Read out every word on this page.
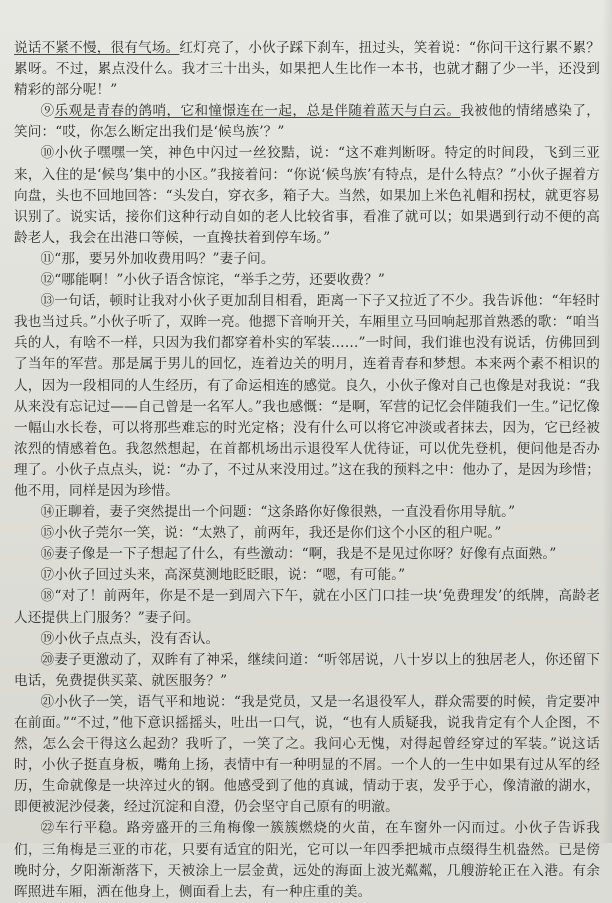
说话不紧不慢，很有气场。红灯亮了，小伙子踩下刹车，扭过头，笑着说：“你问干这行累不累？累呀。不过，累点没什么。我才三十出头，如果把人生比作一本书，也就才翻了少一半，还没到精彩的部分呢！”

⑨乐观是青春的鸽哨，它和憧憬连在一起，总是伴随着蓝天与白云。我被他的情绪感染了，笑问：“哎，你怎么断定出我们是‘候鸟族’？”

⑩小伙子嘿嘿一笑，神色中闪过一丝狡黠，说：“这不难判断呀。特定的时间段，飞到三亚来，入住的是‘候鸟’集中的小区。”我接着问：“你说‘候鸟族’有特点，是什么特点？”小伙子握着方向盘，头也不回地回答：“头发白，穿衣多，箱子大。当然，如果加上米色礼帽和拐杖，就更容易识别了。说实话，接你们这种行动自如的老人比较省事，看准了就可以；如果遇到行动不便的高龄老人，我会在出港口等候，一直搀扶着到停车场。”

⑪“那，要另外加收费用吗？”妻子问。

⑫“哪能啊！”小伙子语含惊诧，“举手之劳，还要收费？”

⑬一句话，顿时让我对小伙子更加刮目相看，距离一下子又拉近了不少。我告诉他：“年轻时我也当过兵。”小伙子听了，双眸一亮。他摁下音响开关，车厢里立马回响起那首熟悉的歌：“咱当兵的人，有啥不一样，只因为我们都穿着朴实的军装……”一时间，我们谁也没有说话，仿佛回到了当年的军营。那是属于男儿的回忆，连着边关的明月，连着青春和梦想。本来两个素不相识的人，因为一段相同的人生经历，有了命运相连的感觉。良久，小伙子像对自己也像是对我说：“我从来没有忘记过——自己曾是一名军人。”我也感慨：“是啊，军营的记忆会伴随我们一生。”记忆像一幅山水长卷，可以将那些难忘的时光定格；没有什么可以将它冲淡或者抹去，因为，它已经被浓烈的情感着色。我忽然想起，在首都机场出示退役军人优待证，可以优先登机，便问他是否办理了。小伙子点点头，说：“办了，不过从来没用过。”这在我的预料之中：他办了，是因为珍惜；他不用，同样是因为珍惜。

⑭正聊着，妻子突然提出一个问题：“这条路你好像很熟，一直没看你用导航。”

⑮小伙子莞尔一笑，说：“太熟了，前两年，我还是你们这个小区的租户呢。”

⑯妻子像是一下子想起了什么，有些激动：“啊，我是不是见过你呀？好像有点面熟。”

⑰小伙子回过头来，高深莫测地眨眨眼，说：“嗯，有可能。”

⑱“对了！前两年，你是不是一到周六下午，就在小区门口挂一块‘免费理发’的纸牌，高龄老人还提供上门服务？”妻子问。

⑲小伙子点点头，没有否认。

⑳妻子更激动了，双眸有了神采，继续问道：“听邻居说，八十岁以上的独居老人，你还留下电话，免费提供买菜、就医服务？”

㉑小伙子一笑，语气平和地说：“我是党员，又是一名退役军人，群众需要的时候，肯定要冲在前面。”“不过，”他下意识摇摇头，吐出一口气，说，“也有人质疑我，说我肯定有个人企图，不然，怎么会干得这么起劲？我听了，一笑了之。我问心无愧，对得起曾经穿过的军装。”说这话时，小伙子挺直身板，嘴角上扬，表情中有一种明显的不屑。一个人的一生中如果有过从军的经历，生命就像是一块淬过火的钢。他感受到了他的真诚，情动于衷，发乎于心，像清澈的湖水，即便被泥沙侵袭，经过沉淀和自澄，仍会坚守自己原有的明澈。

㉒车行平稳。路旁盛开的三角梅像一簇簇燃烧的火苗，在车窗外一闪而过。小伙子告诉我们，三角梅是三亚的市花，只要有适宜的阳光，它可以一年四季把城市点缀得生机盎然。已是傍晚时分，夕阳渐渐落下，天被涂上一层金黄，远处的海面上波光粼粼，几艘游轮正在入港。有余晖照进车厢，洒在他身上，侧面看上去，有一种庄重的美。
